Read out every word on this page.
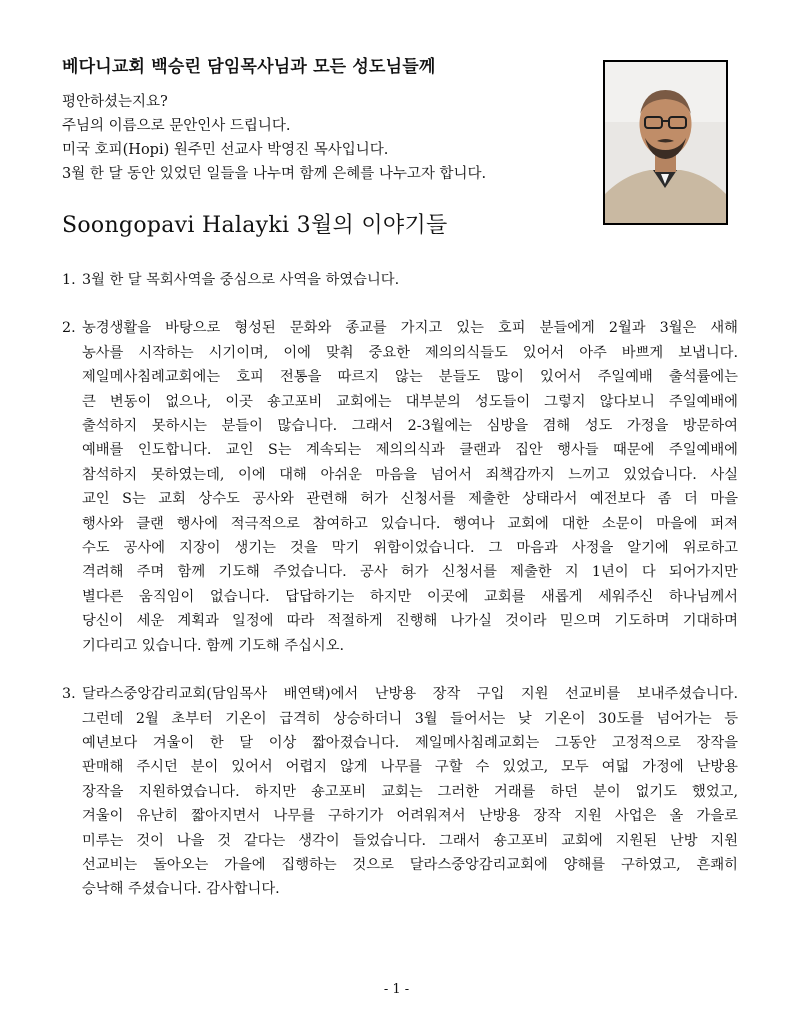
베다니교회 백승린 담임목사님과 모든 성도님들께
평안하셨는지요?
주님의 이름으로 문안인사 드립니다.
미국 호피(Hopi) 원주민 선교사 박영진 목사입니다.
3월 한 달 동안 있었던 일들을 나누며 함께 은혜를 나누고자 합니다.
Soongopavi Halayki 3월의 이야기들
1. 3월 한 달 목회사역을 중심으로 사역을 하였습니다.
2. 농경생활을 바탕으로 형성된 문화와 종교를 가지고 있는 호피 분들에게 2월과 3월은 새해
농사를 시작하는 시기이며, 이에 맞춰 중요한 제의의식들도 있어서 아주 바쁘게 보냅니다.
제일메사침례교회에는 호피 전통을 따르지 않는 분들도 많이 있어서 주일예배 출석률에는
큰 변동이 없으나, 이곳 숑고포비 교회에는 대부분의 성도들이 그렇지 않다보니 주일예배에
출석하지 못하시는 분들이 많습니다. 그래서 2-3월에는 심방을 겸해 성도 가정을 방문하여
예배를 인도합니다. 교인 S는 계속되는 제의의식과 클랜과 집안 행사들 때문에 주일예배에
참석하지 못하였는데, 이에 대해 아쉬운 마음을 넘어서 죄책감까지 느끼고 있었습니다. 사실
교인 S는 교회 상수도 공사와 관련해 허가 신청서를 제출한 상태라서 예전보다 좀 더 마을
행사와 클랜 행사에 적극적으로 참여하고 있습니다. 행여나 교회에 대한 소문이 마을에 퍼져
수도 공사에 지장이 생기는 것을 막기 위함이었습니다. 그 마음과 사정을 알기에 위로하고
격려해 주며 함께 기도해 주었습니다. 공사 허가 신청서를 제출한 지 1년이 다 되어가지만
별다른 움직임이 없습니다. 답답하기는 하지만 이곳에 교회를 새롭게 세워주신 하나님께서
당신이 세운 계획과 일정에 따라 적절하게 진행해 나가실 것이라 믿으며 기도하며 기대하며
기다리고 있습니다. 함께 기도해 주십시오.
3. 달라스중앙감리교회(담임목사 배연택)에서 난방용 장작 구입 지원 선교비를 보내주셨습니다.
그런데 2월 초부터 기온이 급격히 상승하더니 3월 들어서는 낮 기온이 30도를 넘어가는 등
예년보다 겨울이 한 달 이상 짧아졌습니다. 제일메사침례교회는 그동안 고정적으로 장작을
판매해 주시던 분이 있어서 어렵지 않게 나무를 구할 수 있었고, 모두 여덟 가정에 난방용
장작을 지원하였습니다. 하지만 숑고포비 교회는 그러한 거래를 하던 분이 없기도 했었고,
겨울이 유난히 짧아지면서 나무를 구하기가 어려워져서 난방용 장작 지원 사업은 올 가을로
미루는 것이 나을 것 같다는 생각이 들었습니다. 그래서 숑고포비 교회에 지원된 난방 지원
선교비는 돌아오는 가을에 집행하는 것으로 달라스중앙감리교회에 양해를 구하였고, 흔쾌히
승낙해 주셨습니다. 감사합니다.
- 1 -
